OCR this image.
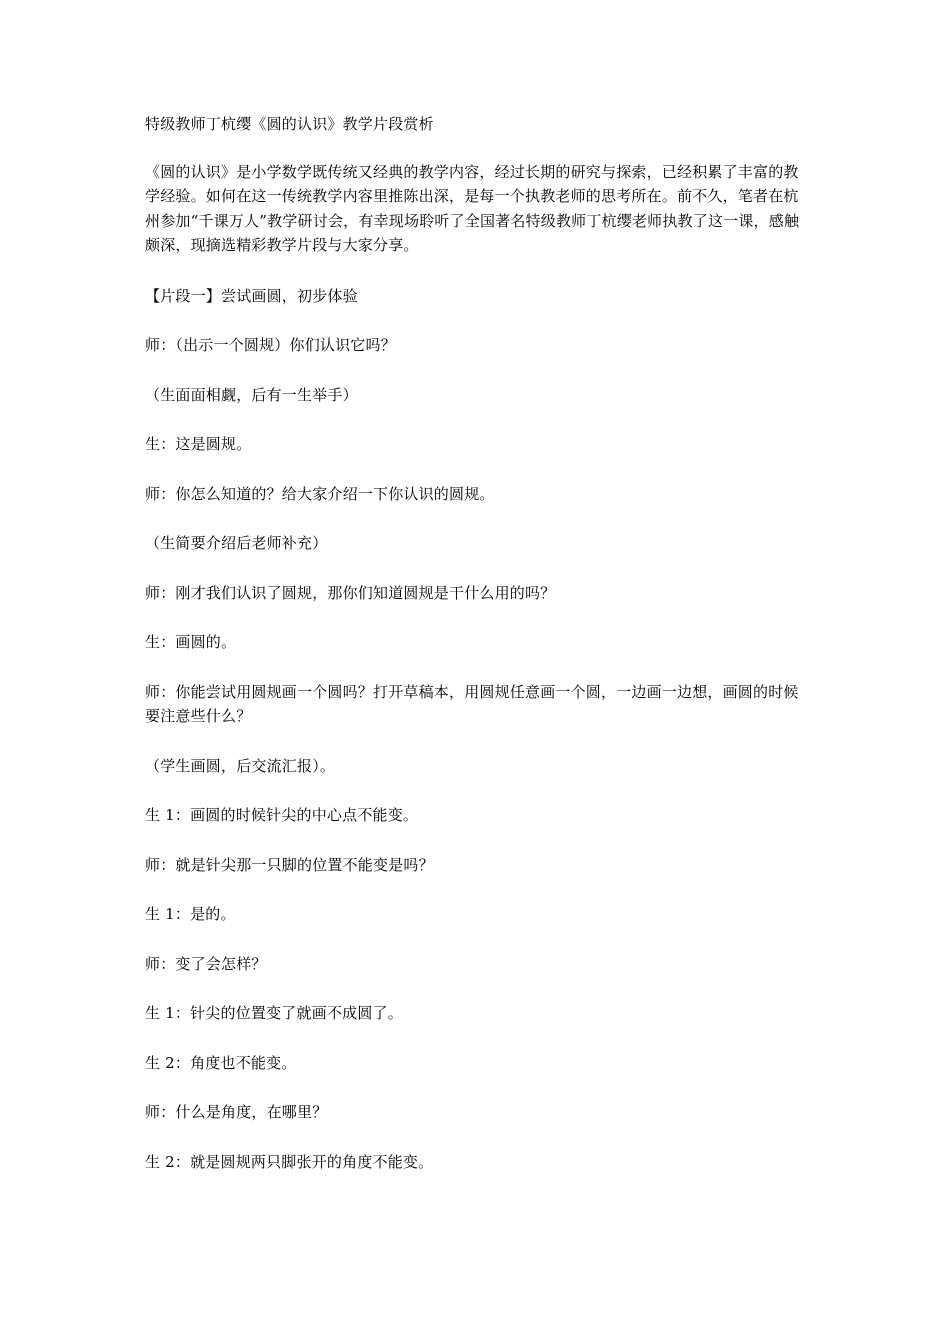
特级教师丁杭缨《圆的认识》教学片段赏析

《圆的认识》是小学数学既传统又经典的教学内容，经过长期的研究与探索，已经积累了丰富的教学经验。如何在这一传统教学内容里推陈出深，是每一个执教老师的思考所在。前不久，笔者在杭州参加“千课万人”教学研讨会，有幸现场聆听了全国著名特级教师丁杭缨老师执教了这一课，感触颇深，现摘选精彩教学片段与大家分享。

【片段一】尝试画圆，初步体验

师：（出示一个圆规）你们认识它吗？

（生面面相觑，后有一生举手）

生：这是圆规。

师：你怎么知道的？给大家介绍一下你认识的圆规。

（生简要介绍后老师补充）

师：刚才我们认识了圆规，那你们知道圆规是干什么用的吗？

生：画圆的。

师：你能尝试用圆规画一个圆吗？打开草稿本，用圆规任意画一个圆，一边画一边想，画圆的时候要注意些什么？

（学生画圆，后交流汇报）。

生 1：画圆的时候针尖的中心点不能变。

师：就是针尖那一只脚的位置不能变是吗？

生 1：是的。

师：变了会怎样？

生 1：针尖的位置变了就画不成圆了。

生 2：角度也不能变。

师：什么是角度，在哪里？

生 2：就是圆规两只脚张开的角度不能变。
